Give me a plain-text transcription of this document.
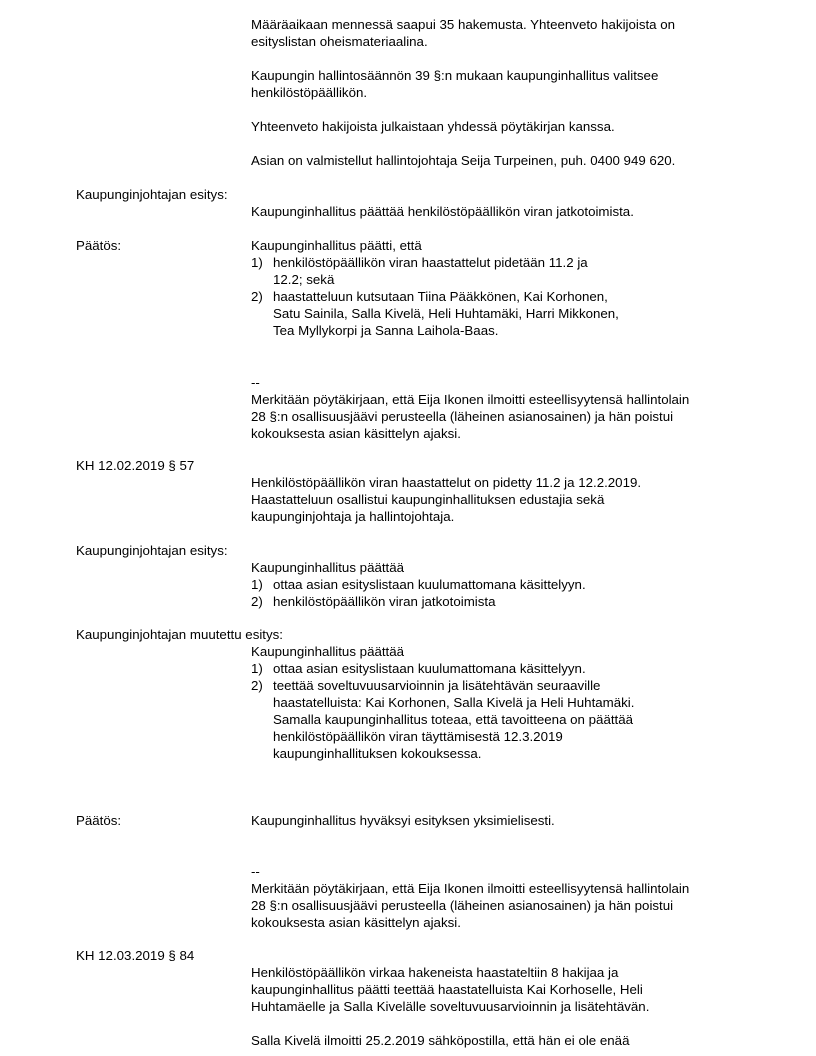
Määräaikaan mennessä saapui 35 hakemusta. Yhteenveto hakijoista on
esityslistan oheismateriaalina.
Kaupungin hallintosäännön 39 §:n mukaan kaupunginhallitus valitsee
henkilöstöpäällikön.
Yhteenveto hakijoista julkaistaan yhdessä pöytäkirjan kanssa.
Asian on valmistellut hallintojohtaja Seija Turpeinen, puh. 0400 949 620.
Kaupunginjohtajan esitys:
Kaupunginhallitus päättää henkilöstöpäällikön viran jatkotoimista.
Päätös:	Kaupunginhallitus päätti, että
1) henkilöstöpäällikön viran haastattelut pidetään 11.2 ja
12.2; sekä
2) haastatteluun kutsutaan Tiina Pääkkönen, Kai Korhonen,
Satu Sainila, Salla Kivelä, Heli Huhtamäki, Harri Mikkonen,
Tea Myllykorpi ja Sanna Laihola-Baas.
--
Merkitään pöytäkirjaan, että Eija Ikonen ilmoitti esteellisyytensä hallintolain
28 §:n osallisuusjäävi perusteella (läheinen asianosainen) ja hän poistui
kokouksesta asian käsittelyn ajaksi.
KH 12.02.2019 § 57
Henkilöstöpäällikön viran haastattelut on pidetty 11.2 ja 12.2.2019.
Haastatteluun osallistui kaupunginhallituksen edustajia sekä
kaupunginjohtaja ja hallintojohtaja.
Kaupunginjohtajan esitys:
Kaupunginhallitus päättää
1) ottaa asian esityslistaan kuulumattomana käsittelyyn.
2) henkilöstöpäällikön viran jatkotoimista
Kaupunginjohtajan muutettu esitys:
Kaupunginhallitus päättää
1) ottaa asian esityslistaan kuulumattomana käsittelyyn.
2) teettää soveltuvuusarvioinnin ja lisätehtävän seuraaville
haastatelluista: Kai Korhonen, Salla Kivelä ja Heli Huhtamäki.
Samalla kaupunginhallitus toteaa, että tavoitteena on päättää
henkilöstöpäällikön viran täyttämisestä 12.3.2019
kaupunginhallituksen kokouksessa.
Päätös:	Kaupunginhallitus hyväksyi esityksen yksimielisesti.
--
Merkitään pöytäkirjaan, että Eija Ikonen ilmoitti esteellisyytensä hallintolain
28 §:n osallisuusjäävi perusteella (läheinen asianosainen) ja hän poistui
kokouksesta asian käsittelyn ajaksi.
KH 12.03.2019 § 84
Henkilöstöpäällikön virkaa hakeneista haastateltiin 8 hakijaa ja
kaupunginhallitus päätti teettää haastatelluista Kai Korhoselle, Heli
Huhtamäelle ja Salla Kivelälle soveltuvuusarvioinnin ja lisätehtävän.
Salla Kivelä ilmoitti 25.2.2019 sähköpostilla, että hän ei ole enää
